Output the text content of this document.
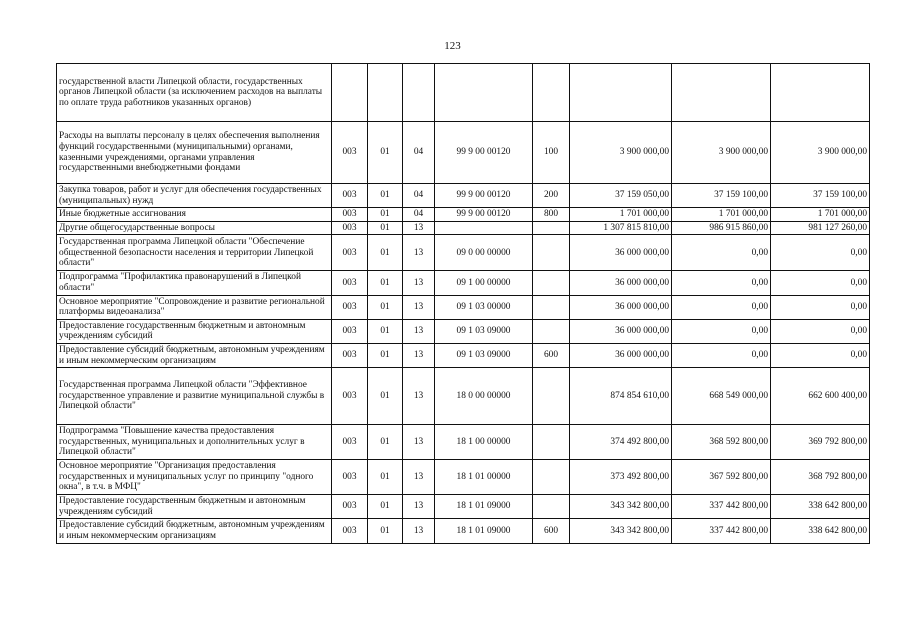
123
государственной власти Липецкой области, государственных органов Липецкой области (за исключением расходов на выплаты по оплате труда работников указанных органов)								
Расходы на выплаты персоналу в целях обеспечения выполнения функций государственными (муниципальными) органами, казенными учреждениями, органами управления государственными внебюджетными фондами	003	01	04	99 9 00 00120	100	3 900 000,00	3 900 000,00	3 900 000,00
Закупка товаров, работ и услуг для обеспечения государственных (муниципальных) нужд	003	01	04	99 9 00 00120	200	37 159 050,00	37 159 100,00	37 159 100,00
Иные бюджетные ассигнования	003	01	04	99 9 00 00120	800	1 701 000,00	1 701 000,00	1 701 000,00
Другие общегосударственные вопросы	003	01	13			1 307 815 810,00	986 915 860,00	981 127 260,00
Государственная программа Липецкой области "Обеспечение общественной безопасности населения и территории Липецкой области"	003	01	13	09 0 00 00000		36 000 000,00	0,00	0,00
Подпрограмма "Профилактика правонарушений в Липецкой области"	003	01	13	09 1 00 00000		36 000 000,00	0,00	0,00
Основное мероприятие "Сопровождение и развитие региональной платформы видеоанализа"	003	01	13	09 1 03 00000		36 000 000,00	0,00	0,00
Предоставление государственным бюджетным и автономным учреждениям субсидий	003	01	13	09 1 03 09000		36 000 000,00	0,00	0,00
Предоставление субсидий бюджетным, автономным учреждениям и иным некоммерческим организациям	003	01	13	09 1 03 09000	600	36 000 000,00	0,00	0,00
Государственная программа Липецкой области "Эффективное государственное управление и развитие муниципальной службы в Липецкой области"	003	01	13	18 0 00 00000		874 854 610,00	668 549 000,00	662 600 400,00
Подпрограмма "Повышение качества предоставления государственных, муниципальных и дополнительных услуг в Липецкой области"	003	01	13	18 1 00 00000		374 492 800,00	368 592 800,00	369 792 800,00
Основное мероприятие "Организация предоставления государственных и муниципальных услуг по принципу "одного окна", в т.ч. в МФЦ"	003	01	13	18 1 01 00000		373 492 800,00	367 592 800,00	368 792 800,00
Предоставление государственным бюджетным и автономным учреждениям субсидий	003	01	13	18 1 01 09000		343 342 800,00	337 442 800,00	338 642 800,00
Предоставление субсидий бюджетным, автономным учреждениям и иным некоммерческим организациям	003	01	13	18 1 01 09000	600	343 342 800,00	337 442 800,00	338 642 800,00
